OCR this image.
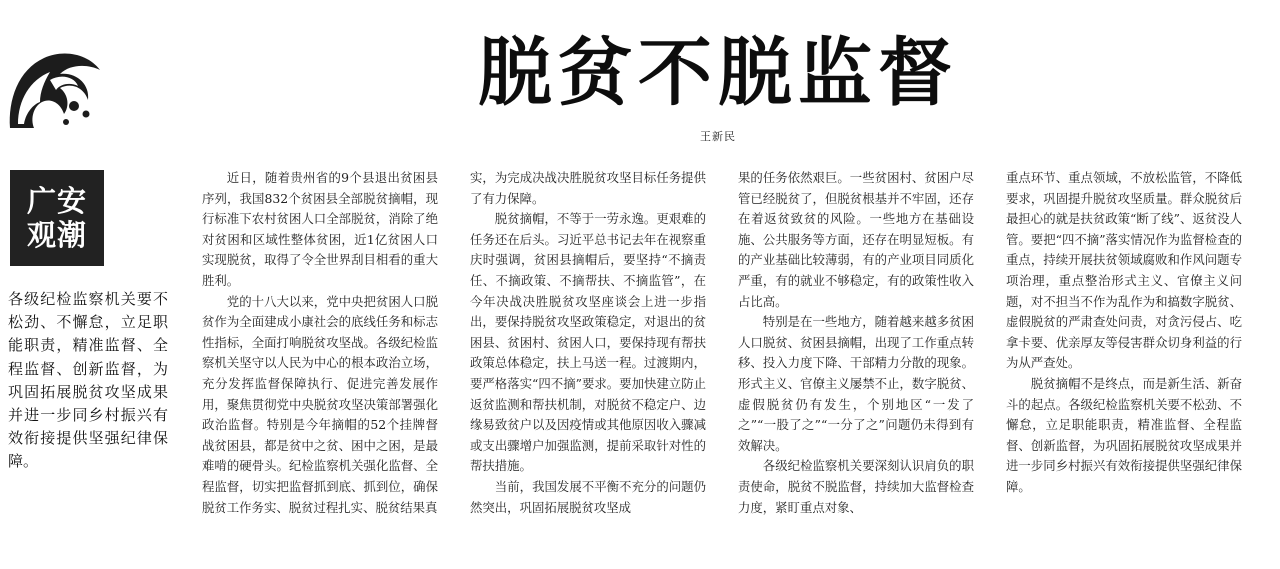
广安
观潮
脱贫不脱监督
王新民

各级纪检监察机关要不松劲、不懈怠，立足职能职责，精准监督、全程监督、创新监督，为巩固拓展脱贫攻坚成果并进一步同乡村振兴有效衔接提供坚强纪律保障。

近日，随着贵州省的9个县退出贫困县序列，我国832个贫困县全部脱贫摘帽，现行标准下农村贫困人口全部脱贫，消除了绝对贫困和区域性整体贫困，近1亿贫困人口实现脱贫，取得了令全世界刮目相看的重大胜利。

党的十八大以来，党中央把贫困人口脱贫作为全面建成小康社会的底线任务和标志性指标，全面打响脱贫攻坚战。各级纪检监察机关坚守以人民为中心的根本政治立场，充分发挥监督保障执行、促进完善发展作用，聚焦贯彻党中央脱贫攻坚决策部署强化政治监督。特别是今年摘帽的52个挂牌督战贫困县，都是贫中之贫、困中之困，是最难啃的硬骨头。纪检监察机关强化监督、全程监督，切实把监督抓到底、抓到位，确保脱贫工作务实、脱贫过程扎实、脱贫结果真

实，为完成决战决胜脱贫攻坚目标任务提供了有力保障。

脱贫摘帽，不等于一劳永逸。更艰难的任务还在后头。习近平总书记去年在视察重庆时强调，贫困县摘帽后，要坚持“不摘责任、不摘政策、不摘帮扶、不摘监管”，在今年决战决胜脱贫攻坚座谈会上进一步指出，要保持脱贫攻坚政策稳定，对退出的贫困县、贫困村、贫困人口，要保持现有帮扶政策总体稳定，扶上马送一程。过渡期内，要严格落实“四不摘”要求。要加快建立防止返贫监测和帮扶机制，对脱贫不稳定户、边缘易致贫户以及因疫情或其他原因收入骤减或支出骤增户加强监测，提前采取针对性的帮扶措施。

当前，我国发展不平衡不充分的问题仍然突出，巩固拓展脱贫攻坚成

果的任务依然艰巨。一些贫困村、贫困户尽管已经脱贫了，但脱贫根基并不牢固，还存在着返贫致贫的风险。一些地方在基础设施、公共服务等方面，还存在明显短板。有的产业基础比较薄弱，有的产业项目同质化严重，有的就业不够稳定，有的政策性收入占比高。

特别是在一些地方，随着越来越多贫困人口脱贫、贫困县摘帽，出现了工作重点转移、投入力度下降、干部精力分散的现象。形式主义、官僚主义屡禁不止，数字脱贫、虚假脱贫仍有发生，个别地区“一发了之”“一股了之”“一分了之”问题仍未得到有效解决。

各级纪检监察机关要深刻认识肩负的职责使命，脱贫不脱监督，持续加大监督检查力度，紧盯重点对象、

重点环节、重点领域，不放松监管，不降低要求，巩固提升脱贫攻坚质量。群众脱贫后最担心的就是扶贫政策“断了线”、返贫没人管。要把“四不摘”落实情况作为监督检查的重点，持续开展扶贫领域腐败和作风问题专项治理，重点整治形式主义、官僚主义问题，对不担当不作为乱作为和搞数字脱贫、虚假脱贫的严肃查处问责，对贪污侵占、吃拿卡要、优亲厚友等侵害群众切身利益的行为从严查处。

脱贫摘帽不是终点，而是新生活、新奋斗的起点。各级纪检监察机关要不松劲、不懈怠，立足职能职责，精准监督、全程监督、创新监督，为巩固拓展脱贫攻坚成果并进一步同乡村振兴有效衔接提供坚强纪律保障。
